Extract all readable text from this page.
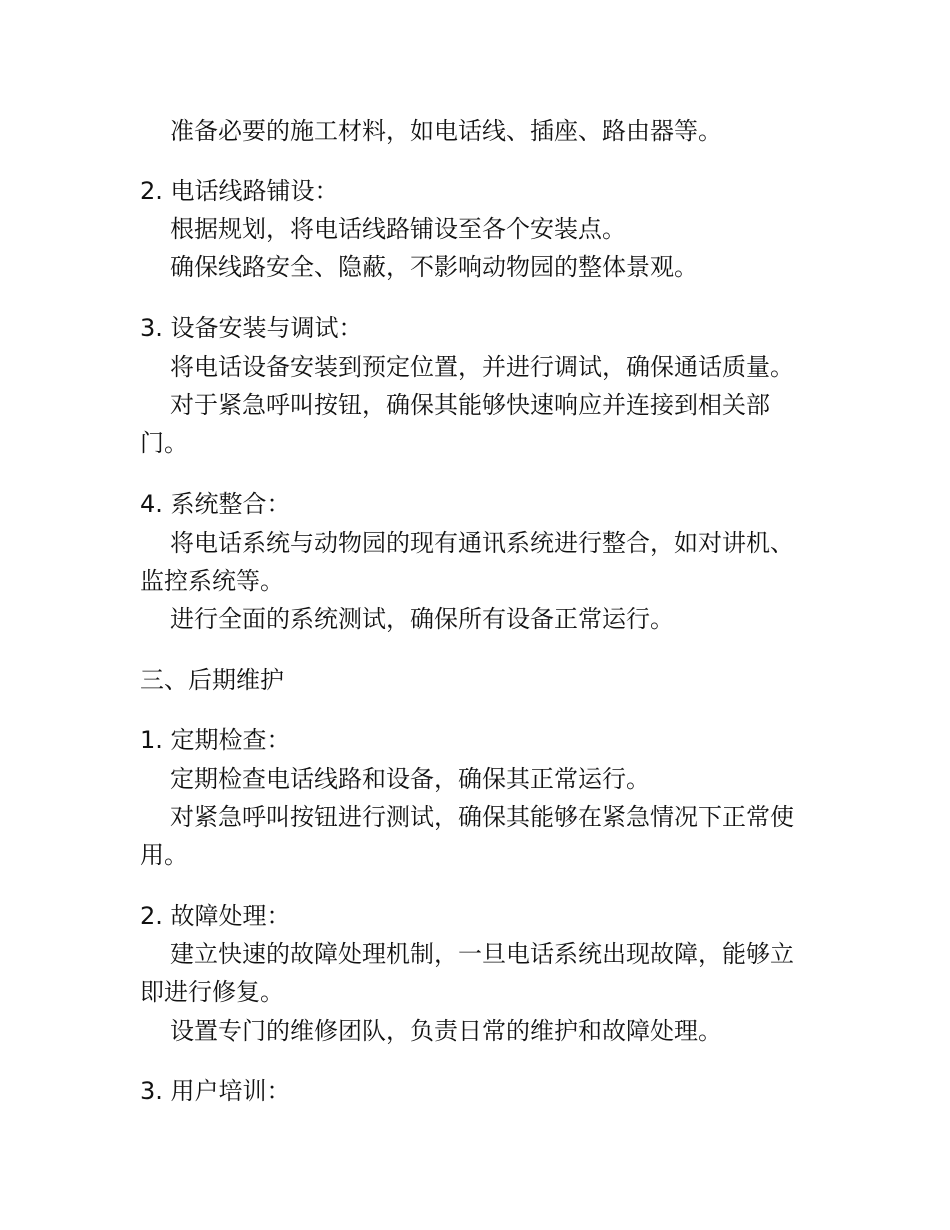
准备必要的施工材料，如电话线、插座、路由器等。
2. 电话线路铺设：
根据规划，将电话线路铺设至各个安装点。
确保线路安全、隐蔽，不影响动物园的整体景观。
3. 设备安装与调试：
将电话设备安装到预定位置，并进行调试，确保通话质量。
对于紧急呼叫按钮，确保其能够快速响应并连接到相关部门。
4. 系统整合：
将电话系统与动物园的现有通讯系统进行整合，如对讲机、监控系统等。
进行全面的系统测试，确保所有设备正常运行。
三、后期维护
1. 定期检查：
定期检查电话线路和设备，确保其正常运行。
对紧急呼叫按钮进行测试，确保其能够在紧急情况下正常使用。
2. 故障处理：
建立快速的故障处理机制，一旦电话系统出现故障，能够立即进行修复。
设置专门的维修团队，负责日常的维护和故障处理。
3. 用户培训：
